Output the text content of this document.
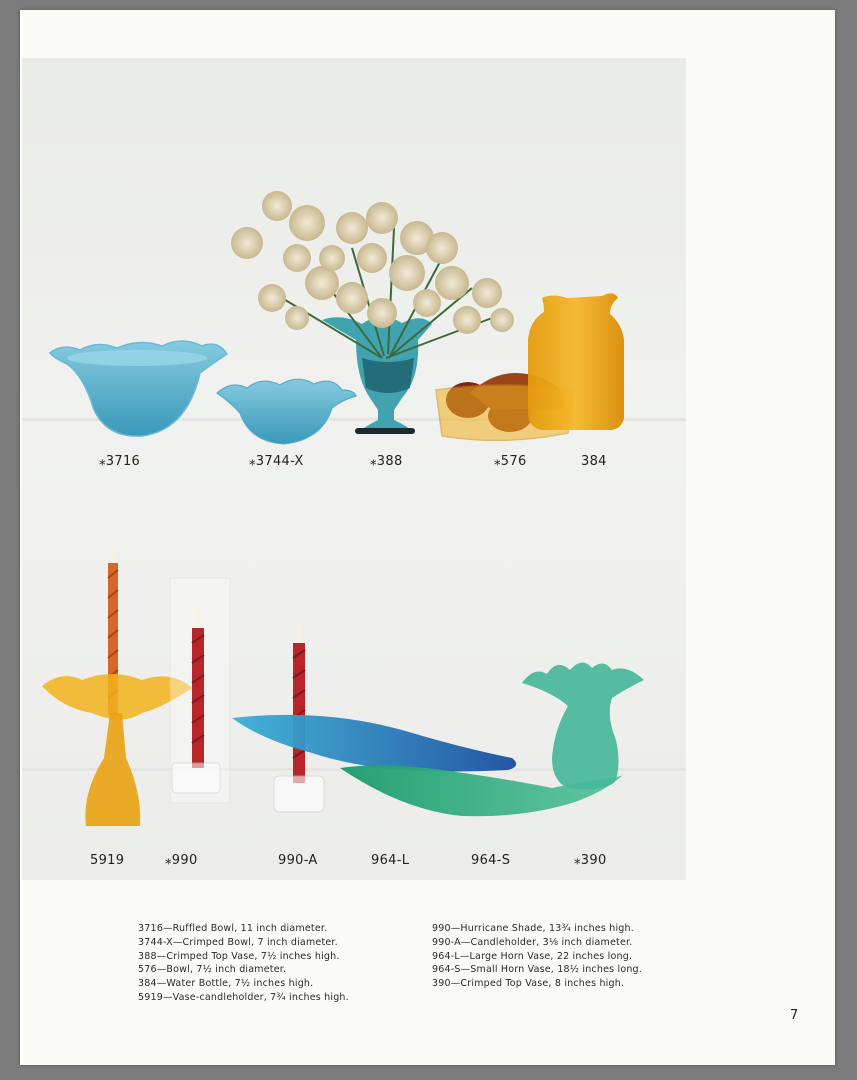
⁎3716	⁎3744-X	⁎388	⁎576	384
5919	⁎990	990-A	964-L	964-S	⁎390
3716—Ruffled Bowl, 11 inch diameter.
3744-X—Crimped Bowl, 7 inch diameter.
388—Crimped Top Vase, 7½ inches high.
576—Bowl, 7½ inch diameter.
384—Water Bottle, 7½ inches high.
5919—Vase-candleholder, 7¾ inches high.
990—Hurricane Shade, 13¾ inches high.
990-A—Candleholder, 3⅛ inch diameter.
964-L—Large Horn Vase, 22 inches long.
964-S—Small Horn Vase, 18½ inches long.
390—Crimped Top Vase, 8 inches high.
7
